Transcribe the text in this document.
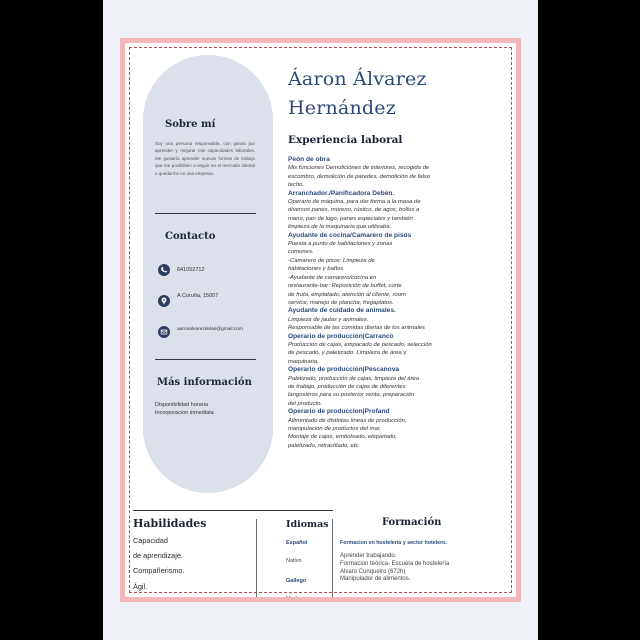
Sobre mí
Soy una persona responsable, con ganas por aprender y mejorar mis capacidades laborales. Me gustaría aprender nuevas formas de trabajo que me posibiliten a seguir en el mercado laboral o quedarme en una empresa.
Contacto
641052712
A Coruña, 15007
aaronalvarezdelas@gmail.com
Más información
Disponibilidad horaria
Incorporacion inmediata
Áaron Álvarez
Hernández
Experiencia laboral
Peón de obra
Mis funciones Demoliciónes de interiores, recogida de
escombro, demolición de paredes, demolición de falso
techo.
Arranchador./Panificadora Debén.
Operario de máquina, para dar forma a la masa de
diversos panes, moreno, rústico, de agos, bollos a
mano, pan de lugo, panes especiales y también
limpieza de la maquinaria que utilizaba.
Ayudante de cocina/Camarero de pisos
Puesta a punto de habitaciones y zonas
comunes.
-Camarero de pisos: Limpieza de
habitaciones y baños.
-Ayudante de camarero/cocina en
restaurante-bar: Reposición de buffet, corte
de fruta, emplatado, atención al cliente, room
service, manejo de plancha, fregaplatos.
Ayudante de cuidado de animales.
Limpieza de jaulas y animales.
Responsable de las comidas diarias de los animales
Operario de producción|Carranco
Produccion de cajas, empacado de pescado, selección
de pescado, y paletizado. Limpieza de área y
maquinaria.
Operario de producción|Pescanova
Paletizado, producción de cajas, limpieza del área
de trabajo, producción de cajas de diferentes
langostinos para su posterior venta, preparación
del producto.
Operario de produccion|Profand
Alimentado de distintas líneas de producción,
manipulación de productos del mar,
Montaje de cajas, embolsado, etiquetado,
paletizado, retractilado, etc.
Habilidades
Capacidad
de aprendizaje.
Compañerismo.
Ágil.
Proactivo.
Idiomas
Español
Nativo
Gallego
Medio
Formación
Formacion en hosteleria y sector hotelero.
Aprender trabajando.
Formacion teórica- Escuela de hostelería
Alvaro Cunqueiro (672h)
Manipulador de alimentos.
